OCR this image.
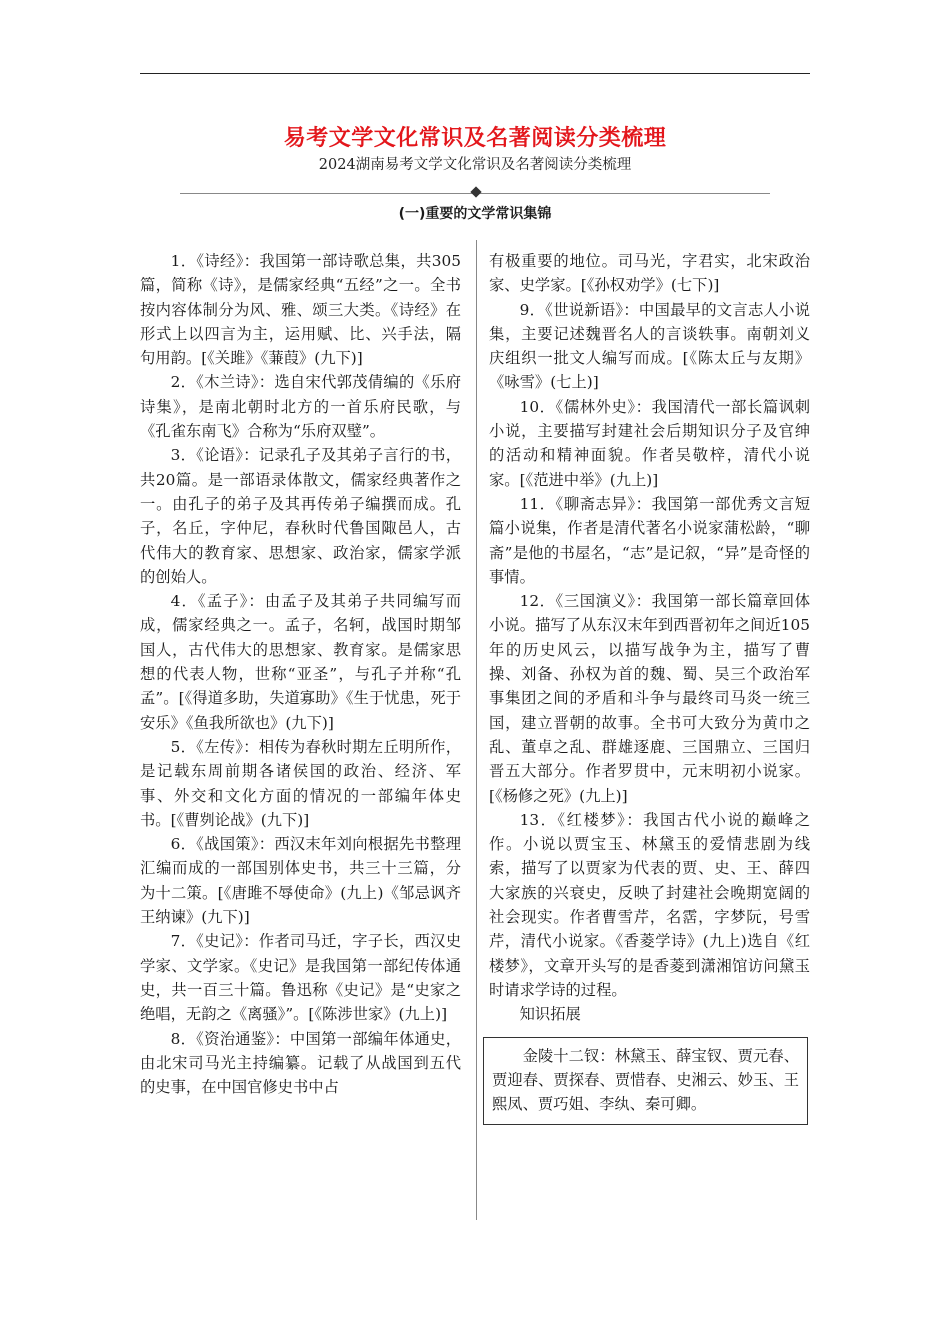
易考文学文化常识及名著阅读分类梳理
2024湖南易考文学文化常识及名著阅读分类梳理
(一)重要的文学常识集锦

1．《诗经》：我国第一部诗歌总集，共305篇，简称《诗》，是儒家经典“五经”之一。全书按内容体制分为风、雅、颂三大类。《诗经》在形式上以四言为主，运用赋、比、兴手法，隔句用韵。[《关雎》《蒹葭》(九下)]

2．《木兰诗》：选自宋代郭茂倩编的《乐府诗集》，是南北朝时北方的一首乐府民歌，与《孔雀东南飞》合称为“乐府双璧”。

3．《论语》：记录孔子及其弟子言行的书，共20篇。是一部语录体散文，儒家经典著作之一。由孔子的弟子及其再传弟子编撰而成。孔子，名丘，字仲尼，春秋时代鲁国陬邑人，古代伟大的教育家、思想家、政治家，儒家学派的创始人。

4．《孟子》：由孟子及其弟子共同编写而成，儒家经典之一。孟子，名轲，战国时期邹国人，古代伟大的思想家、教育家。是儒家思想的代表人物，世称“亚圣”，与孔子并称“孔孟”。[《得道多助，失道寡助》《生于忧患，死于安乐》《鱼我所欲也》(九下)]

5．《左传》：相传为春秋时期左丘明所作，是记载东周前期各诸侯国的政治、经济、军事、外交和文化方面的情况的一部编年体史书。[《曹刿论战》(九下)]

6．《战国策》：西汉末年刘向根据先书整理汇编而成的一部国别体史书，共三十三篇，分为十二策。[《唐雎不辱使命》(九上)《邹忌讽齐王纳谏》(九下)]

7．《史记》：作者司马迁，字子长，西汉史学家、文学家。《史记》是我国第一部纪传体通史，共一百三十篇。鲁迅称《史记》是“史家之绝唱，无韵之《离骚》”。[《陈涉世家》(九上)]

8．《资治通鉴》：中国第一部编年体通史，由北宋司马光主持编纂。记载了从战国到五代的史事，在中国官修史书中占

有极重要的地位。司马光，字君实，北宋政治家、史学家。[《孙权劝学》(七下)]

9．《世说新语》：中国最早的文言志人小说集，主要记述魏晋名人的言谈轶事。南朝刘义庆组织一批文人编写而成。[《陈太丘与友期》《咏雪》(七上)]

10．《儒林外史》：我国清代一部长篇讽刺小说，主要描写封建社会后期知识分子及官绅的活动和精神面貌。作者吴敬梓，清代小说家。[《范进中举》(九上)]

11．《聊斋志异》：我国第一部优秀文言短篇小说集，作者是清代著名小说家蒲松龄，“聊斋”是他的书屋名，“志”是记叙，“异”是奇怪的事情。

12．《三国演义》：我国第一部长篇章回体小说。描写了从东汉末年到西晋初年之间近105年的历史风云，以描写战争为主，描写了曹操、刘备、孙权为首的魏、蜀、吴三个政治军事集团之间的矛盾和斗争与最终司马炎一统三国，建立晋朝的故事。全书可大致分为黄巾之乱、董卓之乱、群雄逐鹿、三国鼎立、三国归晋五大部分。作者罗贯中，元末明初小说家。[《杨修之死》(九上)]

13．《红楼梦》：我国古代小说的巅峰之作。小说以贾宝玉、林黛玉的爱情悲剧为线索，描写了以贾家为代表的贾、史、王、薛四大家族的兴衰史，反映了封建社会晚期宽阔的社会现实。作者曹雪芹，名霑，字梦阮，号雪芹，清代小说家。《香菱学诗》(九上)选自《红楼梦》，文章开头写的是香菱到潇湘馆访问黛玉时请求学诗的过程。

知识拓展

金陵十二钗：林黛玉、薛宝钗、贾元春、贾迎春、贾探春、贾惜春、史湘云、妙玉、王熙凤、贾巧姐、李纨、秦可卿。
